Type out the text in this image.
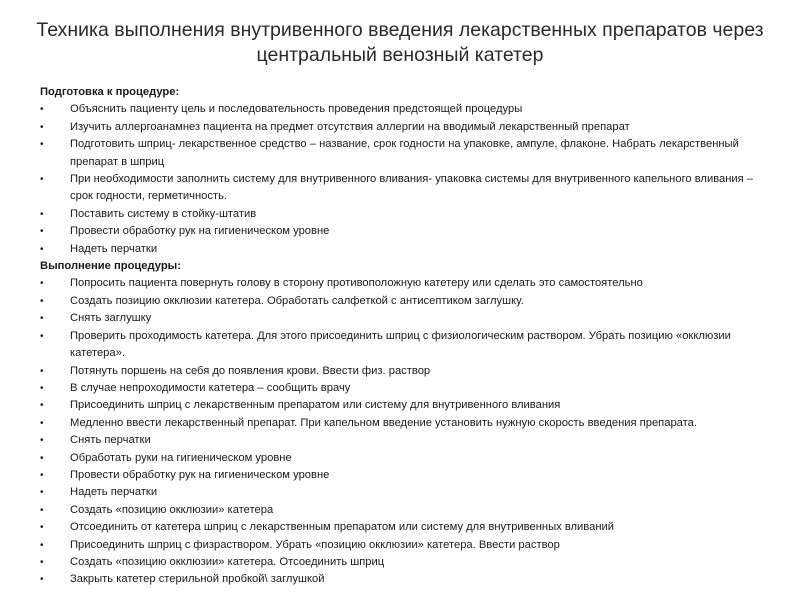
Техника выполнения внутривенного введения лекарственных препаратов через центральный венозный катетер
Подготовка к процедуре:
• Объяснить пациенту цель и последовательность проведения предстоящей процедуры
• Изучить аллергоанамнез пациента на предмет отсутствия аллергии на вводимый лекарственный препарат
• Подготовить шприц- лекарственное средство – название, срок годности на упаковке, ампуле, флаконе. Набрать лекарственный препарат в шприц
• При необходимости заполнить систему для внутривенного вливания- упаковка системы для внутривенного капельного вливания – срок годности, герметичность.
• Поставить систему в стойку-штатив
• Провести обработку рук на гигиеническом уровне
• Надеть перчатки
Выполнение процедуры:
• Попросить пациента повернуть голову в сторону противоположную катетеру или сделать это самостоятельно
• Создать позицию окклюзии катетера. Обработать салфеткой с антисептиком заглушку.
• Снять заглушку
• Проверить проходимость катетера. Для этого присоединить шприц с физиологическим раствором. Убрать позицию «окклюзии катетера».
• Потянуть поршень на себя до появления крови. Ввести физ. раствор
• В случае непроходимости катетера – сообщить врачу
• Присоединить шприц с лекарственным препаратом или систему для внутривенного вливания
• Медленно ввести лекарственный препарат. При капельном введение установить нужную скорость введения препарата.
• Снять перчатки
• Обработать руки на гигиеническом уровне
• Провести обработку рук на гигиеническом уровне
• Надеть перчатки
• Создать «позицию окклюзии» катетера
• Отсоединить от катетера шприц с лекарственным препаратом или систему для внутривенных вливаний
• Присоединить шприц с физраствором. Убрать «позицию окклюзии» катетера. Ввести раствор
• Создать «позицию окклюзии» катетера. Отсоединить шприц
• Закрыть катетер стерильной пробкой\ заглушкой
